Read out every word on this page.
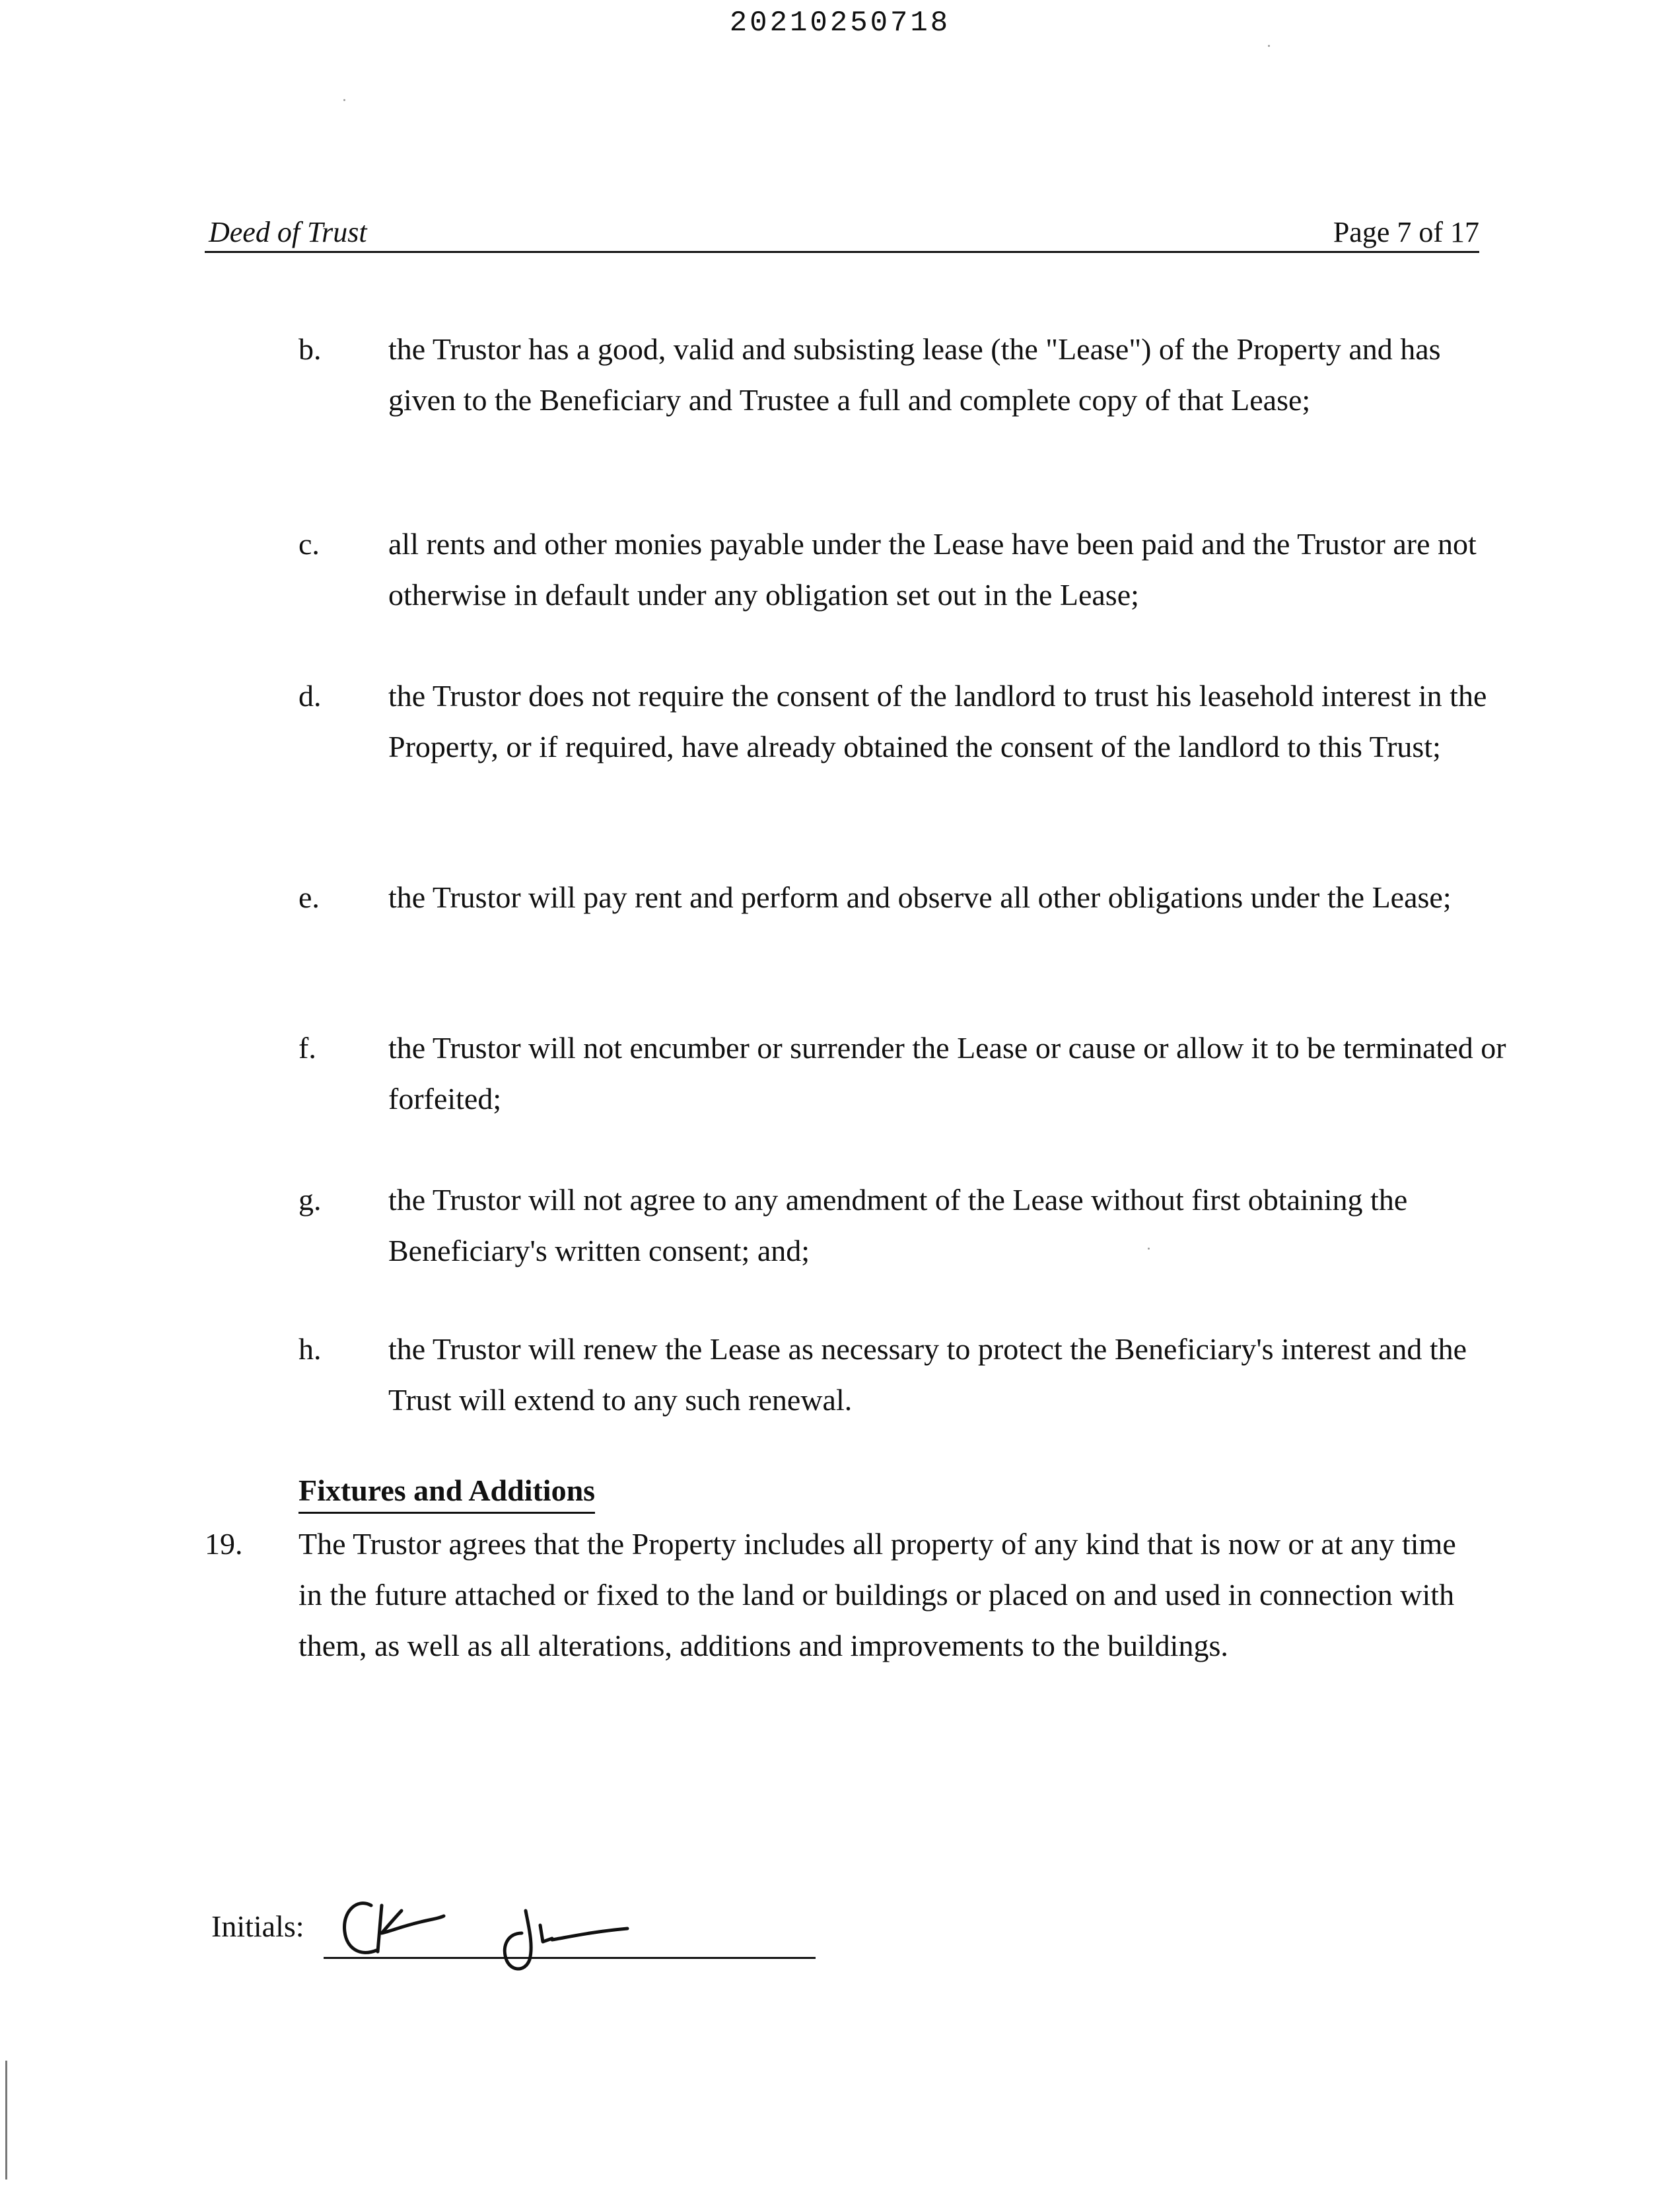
20210250718
Deed of Trust	Page 7 of 17
b. the Trustor has a good, valid and subsisting lease (the "Lease") of the Property and has given to the Beneficiary and Trustee a full and complete copy of that Lease;
c. all rents and other monies payable under the Lease have been paid and the Trustor are not otherwise in default under any obligation set out in the Lease;
d. the Trustor does not require the consent of the landlord to trust his leasehold interest in the Property, or if required, have already obtained the consent of the landlord to this Trust;
e. the Trustor will pay rent and perform and observe all other obligations under the Lease;
f. the Trustor will not encumber or surrender the Lease or cause or allow it to be terminated or forfeited;
g. the Trustor will not agree to any amendment of the Lease without first obtaining the Beneficiary's written consent; and;
h. the Trustor will renew the Lease as necessary to protect the Beneficiary's interest and the Trust will extend to any such renewal.
Fixtures and Additions
19. The Trustor agrees that the Property includes all property of any kind that is now or at any time in the future attached or fixed to the land or buildings or placed on and used in connection with them, as well as all alterations, additions and improvements to the buildings.
Initials:
